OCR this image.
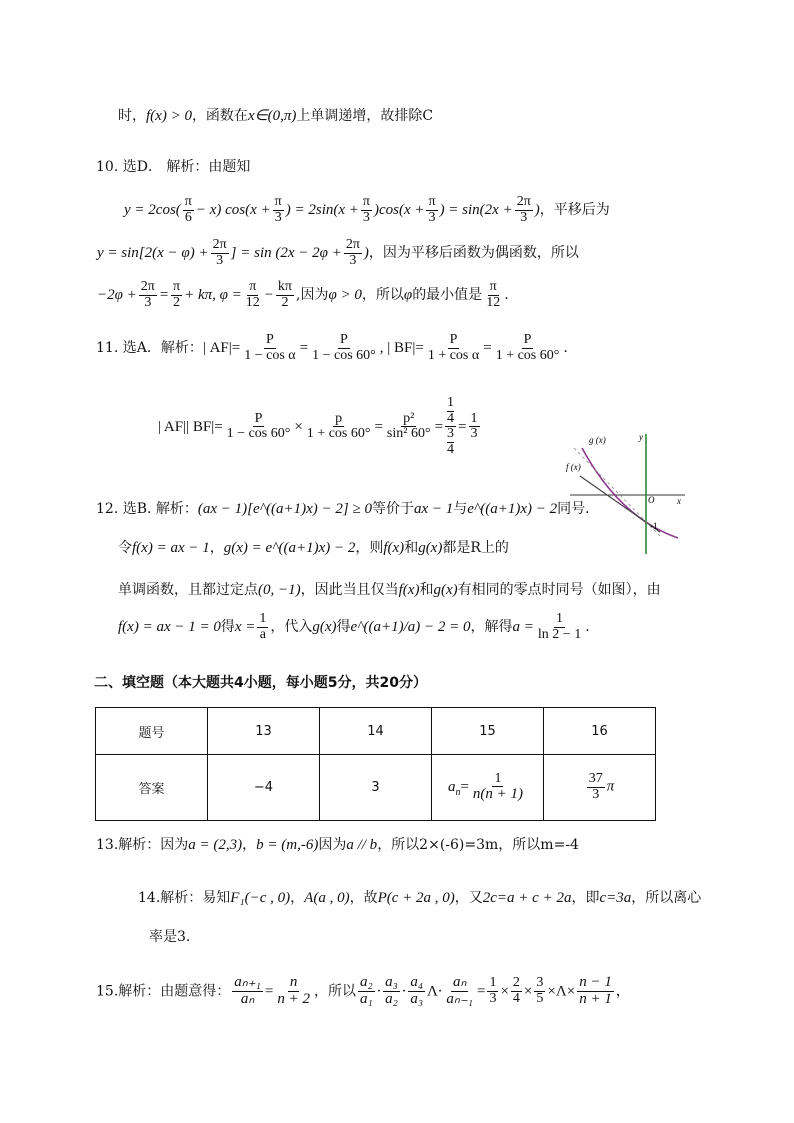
时，f(x) > 0，函数在x∈(0,π)上单调递增，故排除C
10. 选D． 解析：由题知
$y = 2\cos( \frac{\pi}{6} - x)$ $\cos(x + \frac{\pi}{3}$ ) = $2\sin(x + \frac{\pi}{3} )\cos(x + \frac{\pi}{3}$ ) = $\sin(2x + \frac{2\pi}{3}$ )，平移后为
$y = \sin[2(x - \varphi) + \frac{2\pi}{3}$ ] = $\sin (2x - 2\varphi + \frac{2\pi}{3}$ )，因为平移后函数为偶函数，所以
$-2\varphi + \frac{2\pi}{3} = \frac{\pi}{2} + k\pi$, $\varphi = \frac{\pi}{12} - \frac{k\pi}{2}$ ,因为φ > 0，所以φ的最小值是 $\frac{\pi}{12}$ .
11. 选A．解析：| $AF|= \frac{P}{\text{1 − cos α}} = \frac{P}{1 - \cos 60^\circ}$ , | $BF|= \frac{P}{\text{1 + cos α}} = \frac{P}{1 + \cos 60^\circ}$ .
| AF|| $BF|= \frac{P}{1 - \cos 60^\circ} \times \frac{p}{1 + \cos 60^\circ} = \frac{\text{p²}}{\text{sin² 60°}} = 1$
4
3
$4 = \frac{1}{3}$	g (x)
f (x)
y
x
O
-1
12. 选B. 解析：(ax − 1)[e^((a+1)x) − 2] ≥ 0等价于ax − 1与e^((a+1)x) − 2同号.
令f(x) = ax − 1，g(x) = e^((a+1)x) − 2，则f(x)和g(x)都是R上的
单调函数，且都过定点(0, −1)，因此当且仅当f(x)和g(x)有相同的零点时同号（如图），由
f(x) = ax − 1 = 0得$x = \frac{1}{a}$ ，代入g(x)得e^((a+1)/a) − 2 = 0，解得$a = \frac{1}{\ln 2 - 1}$ .
二、填空题（本大题共4小题，每小题5分，共20分）
题号	13	14	15	16
答案	−4	3	$a_n= \frac{1}{n(n + 1)}$	$\frac{37}{3}$ π
13.解析：因为a = (2,3)，b = (m,-6)因为a // b，所以2×(-6)=3m，所以m=-4
14.解析：易知F₁(−c , 0)，A(a , 0)，故P(c + 2a , 0)，又2c=a + c + 2a，即c=3a，所以离心
率是3.
15.解析：由题意得： $\frac{\text{aₙ₊₁}}{\text{aₙ}} = \frac{n}{n + 2}$ ，所以 $\frac{\text{a₂}}{\text{a₁}} \cdot \frac{\text{a₃}}{\text{a₂}} \cdot \frac{\text{a₄}}{\text{a₃}} \Lambda\cdot \frac{\text{aₙ}}{\text{aₙ₋₁}} = \frac{1}{3} \times \frac{2}{4} \times \frac{3}{5} \times\Lambda\times \frac{n - 1}{n + 1}$ ，
